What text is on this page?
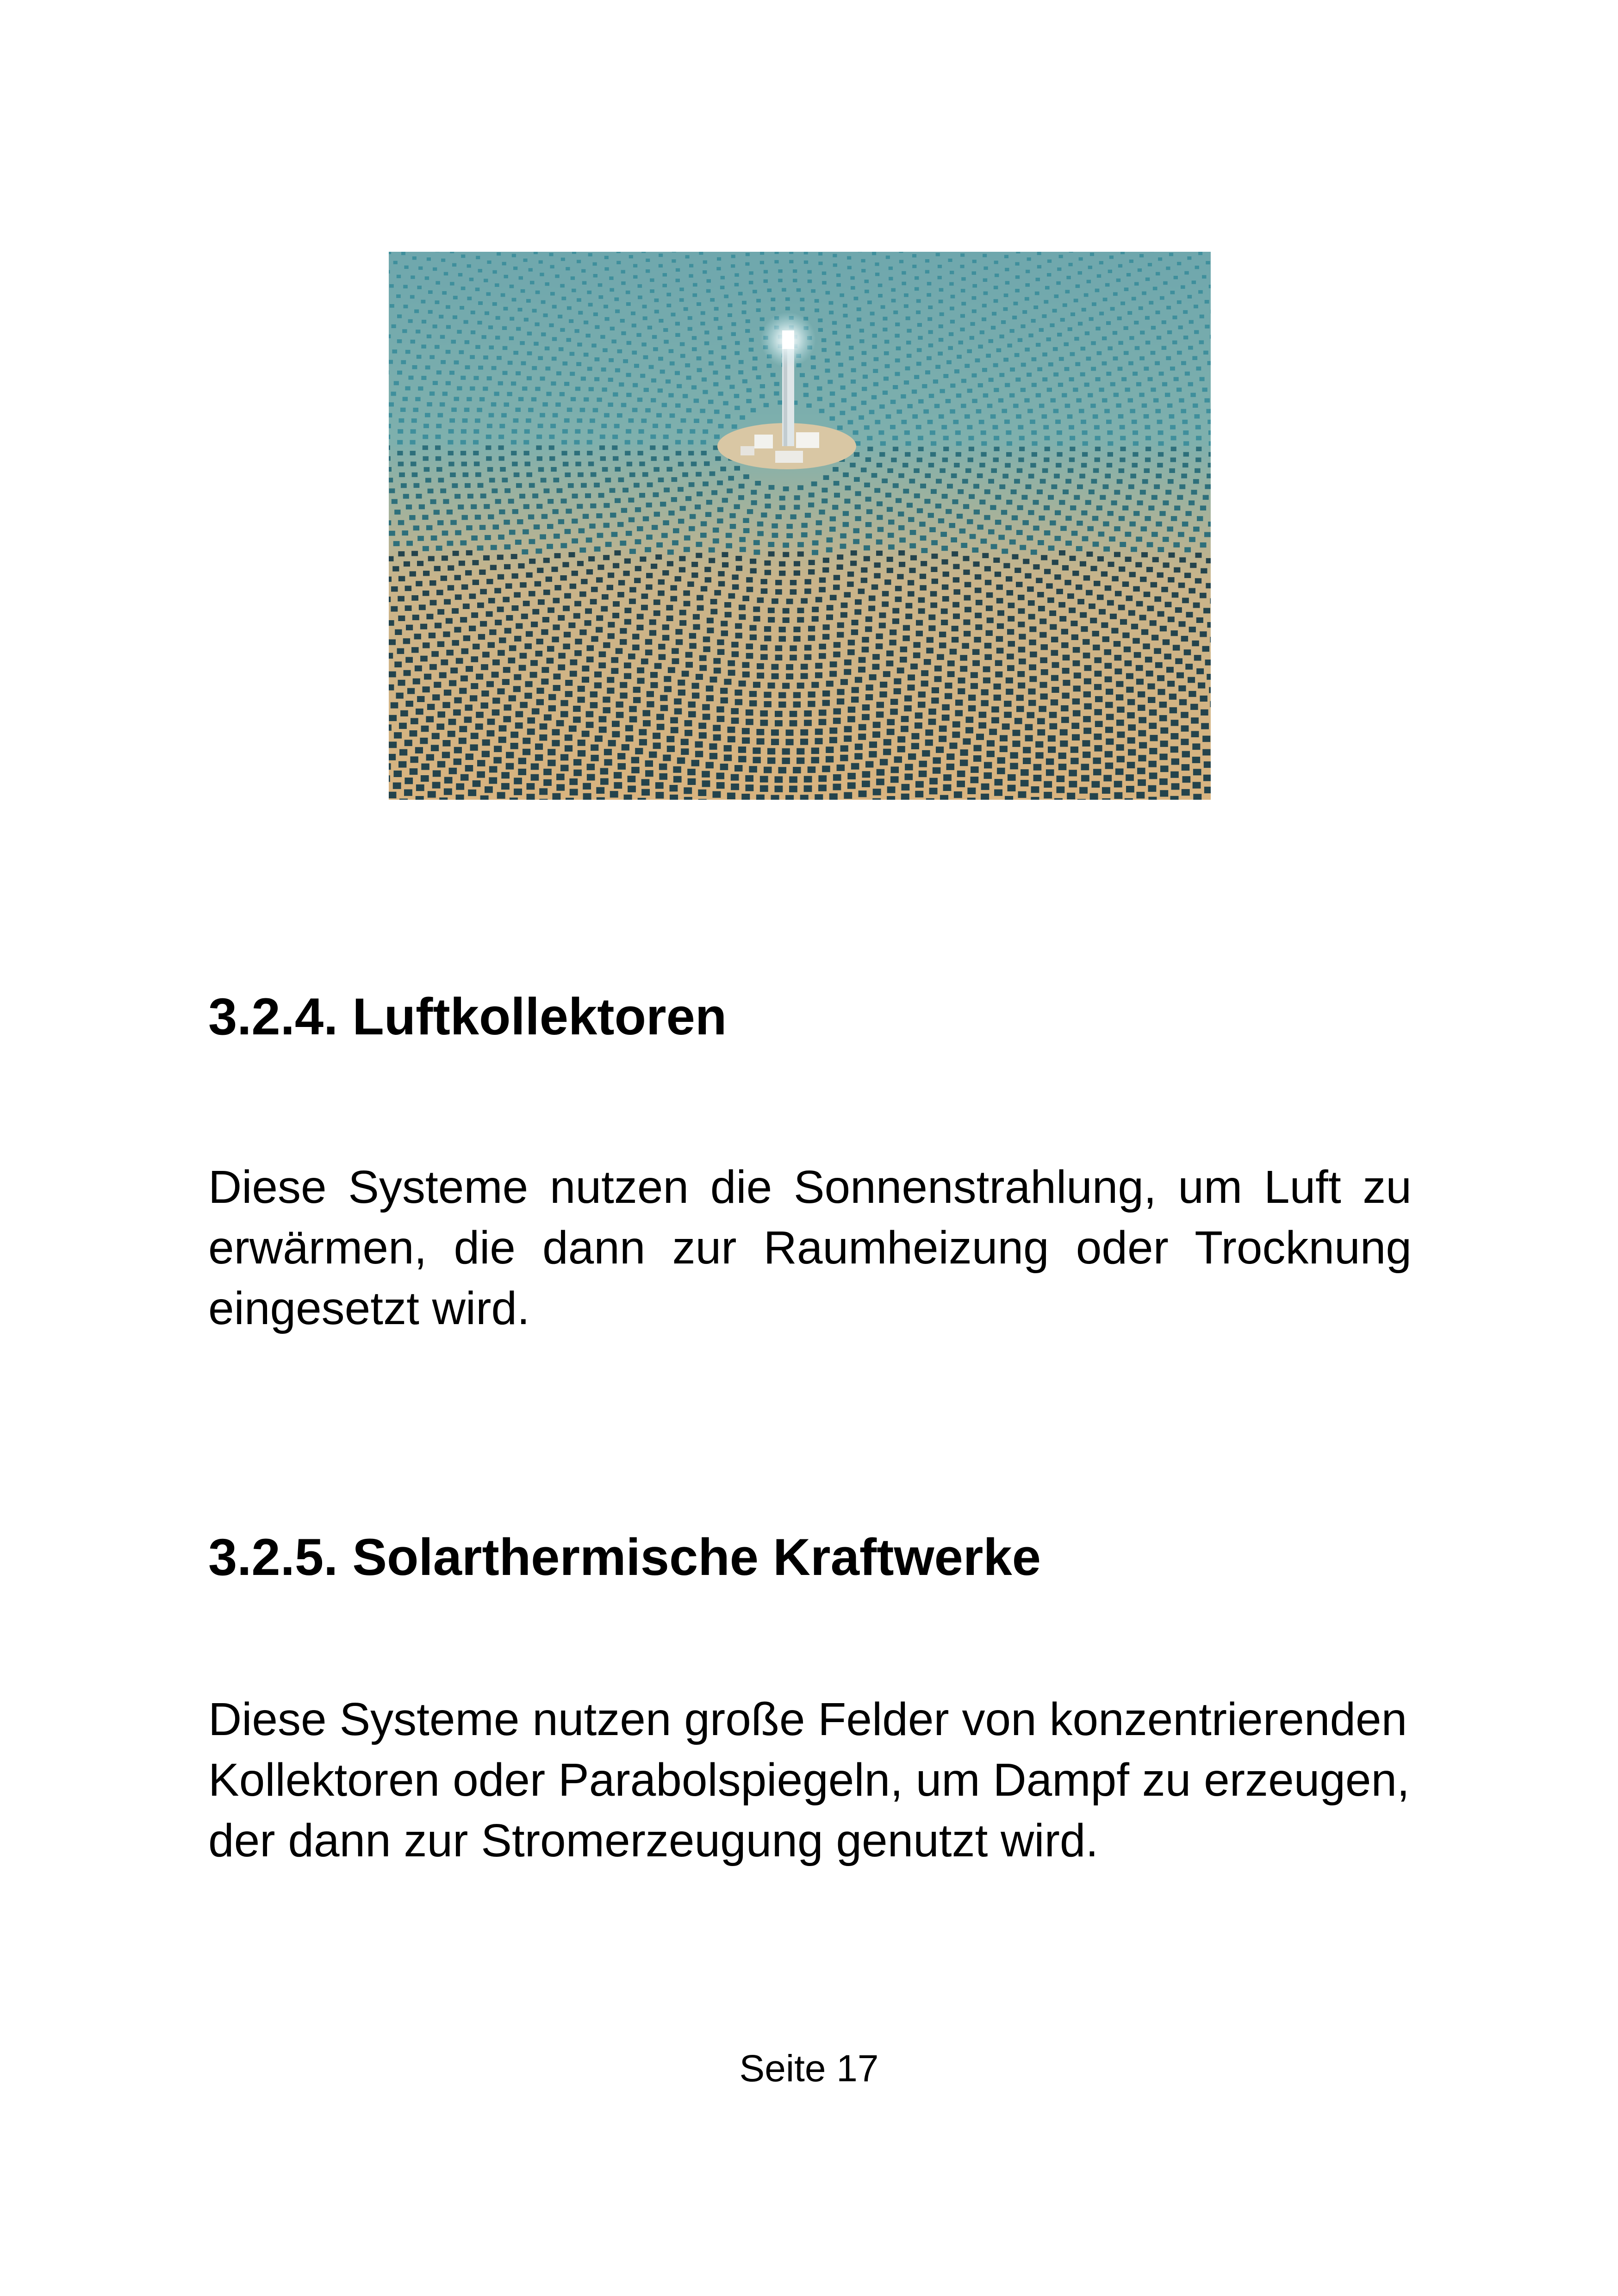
3.2.4. Luftkollektoren

Diese Systeme nutzen die Sonnenstrahlung, um Luft zu erwärmen, die dann zur Raumheizung oder Trocknung eingesetzt wird.

3.2.5. Solarthermische Kraftwerke

Diese Systeme nutzen große Felder von konzentrierenden Kollektoren oder Parabolspiegeln, um Dampf zu erzeugen, der dann zur Stromerzeugung genutzt wird.

Seite 17
